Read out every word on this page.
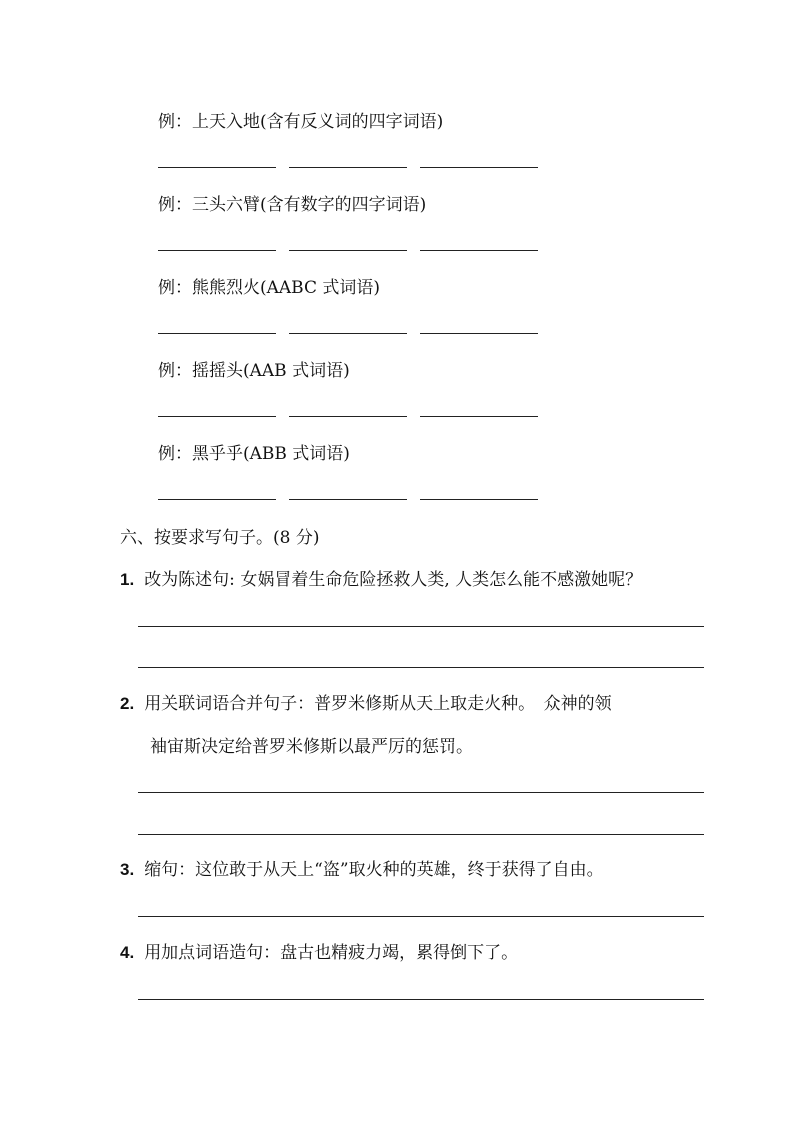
例：上天入地(含有反义词的四字词语)
例：三头六臂(含有数字的四字词语)
例：熊熊烈火(AABC 式词语)
例：摇摇头(AAB 式词语)
例：黑乎乎(ABB 式词语)
六、按要求写句子。(8 分)
1. 改为陈述句: 女娲冒着生命危险拯救人类, 人类怎么能不感激她呢？
2. 用关联词语合并句子：普罗米修斯从天上取走火种。　众神的领
袖宙斯决定给普罗米修斯以最严厉的惩罚。
3. 缩句：这位敢于从天上“盗”取火种的英雄，终于获得了自由。
4. 用加点词语造句：盘古也精疲力竭，累得倒下了。
